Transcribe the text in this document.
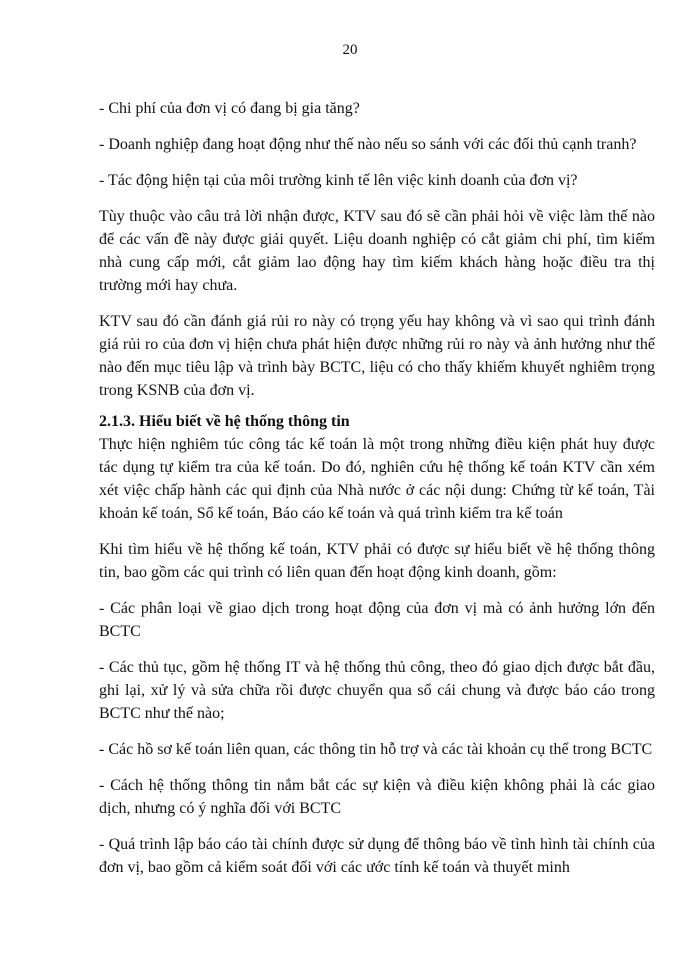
20

- Chi phí của đơn vị có đang bị gia tăng?

- Doanh nghiệp đang hoạt động như thế nào nếu so sánh với các đối thủ cạnh tranh?

- Tác động hiện tại của môi trường kinh tế lên việc kinh doanh của đơn vị?

Tùy thuộc vào câu trả lời nhận được, KTV sau đó sẽ cần phải hỏi về việc làm thế nào để các vấn đề này được giải quyết. Liệu doanh nghiệp có cắt giảm chi phí, tìm kiếm nhà cung cấp mới, cắt giảm lao động hay tìm kiếm khách hàng hoặc điều tra thị trường mới hay chưa.

KTV sau đó cần đánh giá rủi ro này có trọng yếu hay không và vì sao qui trình đánh giá rủi ro của đơn vị hiện chưa phát hiện được những rủi ro này và ảnh hưởng như thế nào đến mục tiêu lập và trình bày BCTC, liệu có cho thấy khiếm khuyết nghiêm trọng trong KSNB của đơn vị.

2.1.3. Hiểu biết về hệ thống thông tin

Thực hiện nghiêm túc công tác kế toán là một trong những điều kiện phát huy được tác dụng tự kiểm tra của kế toán. Do đó, nghiên cứu hệ thống kế toán KTV cần xém xét việc chấp hành các qui định của Nhà nước ở các nội dung: Chứng từ kế toán, Tài khoản kế toán, Sổ kế toán, Báo cáo kế toán và quá trình kiểm tra kế toán

Khi tìm hiểu về hệ thống kế toán, KTV phải có được sự hiểu biết về hệ thống thông tin, bao gồm các qui trình có liên quan đến hoạt động kinh doanh, gồm:

- Các phân loại về giao dịch trong hoạt động của đơn vị mà có ảnh hưởng lớn đến BCTC

- Các thủ tục, gồm hệ thống IT và hệ thống thủ công, theo đó giao dịch được bắt đầu, ghi lại, xử lý và sửa chữa rồi được chuyển qua sổ cái chung và được báo cáo trong BCTC như thế nào;

- Các hồ sơ kế toán liên quan, các thông tin hỗ trợ và các tài khoản cụ thể trong BCTC

- Cách hệ thống thông tin nắm bắt các sự kiện và điều kiện không phải là các giao dịch, nhưng có ý nghĩa đối với BCTC

- Quá trình lập báo cáo tài chính được sử dụng để thông báo về tình hình tài chính của đơn vị, bao gồm cả kiểm soát đối với các ước tính kế toán và thuyết minh
